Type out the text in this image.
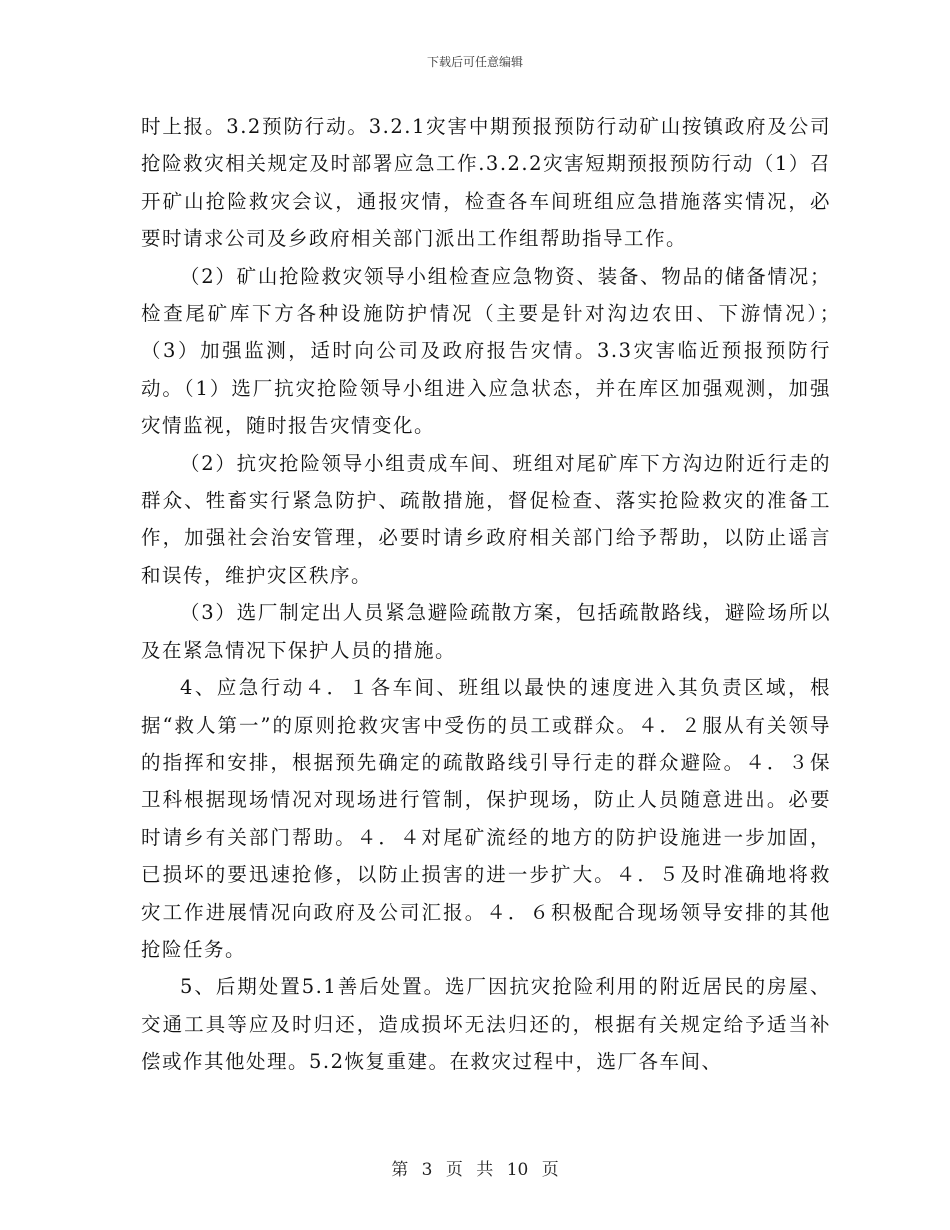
下载后可任意编辑

时上报。3.2预防行动。3.2.1灾害中期预报预防行动矿山按镇政府及公司抢险救灾相关规定及时部署应急工作.3.2.2灾害短期预报预防行动（1）召开矿山抢险救灾会议，通报灾情，检查各车间班组应急措施落实情况，必要时请求公司及乡政府相关部门派出工作组帮助指导工作。

（2）矿山抢险救灾领导小组检查应急物资、装备、物品的储备情况；检查尾矿库下方各种设施防护情况（主要是针对沟边农田、下游情况）；　（3）加强监测，适时向公司及政府报告灾情。3.3灾害临近预报预防行动。（1）选厂抗灾抢险领导小组进入应急状态，并在库区加强观测，加强灾情监视，随时报告灾情变化。

（2）抗灾抢险领导小组责成车间、班组对尾矿库下方沟边附近行走的群众、牲畜实行紧急防护、疏散措施，督促检查、落实抢险救灾的准备工作，加强社会治安管理，必要时请乡政府相关部门给予帮助，以防止谣言和误传，维护灾区秩序。

（3）选厂制定出人员紧急避险疏散方案，包括疏散路线，避险场所以及在紧急情况下保护人员的措施。

4、应急行动４．１各车间、班组以最快的速度进入其负责区域，根据“救人第一”的原则抢救灾害中受伤的员工或群众。４．２服从有关领导的指挥和安排，根据预先确定的疏散路线引导行走的群众避险。４．３保卫科根据现场情况对现场进行管制，保护现场，防止人员随意进出。必要时请乡有关部门帮助。４．４对尾矿流经的地方的防护设施进一步加固，已损坏的要迅速抢修，以防止损害的进一步扩大。４．５及时准确地将救灾工作进展情况向政府及公司汇报。４．６积极配合现场领导安排的其他抢险任务。

5、后期处置5.1善后处置。选厂因抗灾抢险利用的附近居民的房屋、交通工具等应及时归还，造成损坏无法归还的，根据有关规定给予适当补偿或作其他处理。5.2恢复重建。在救灾过程中，选厂各车间、

第 3 页 共 10 页
